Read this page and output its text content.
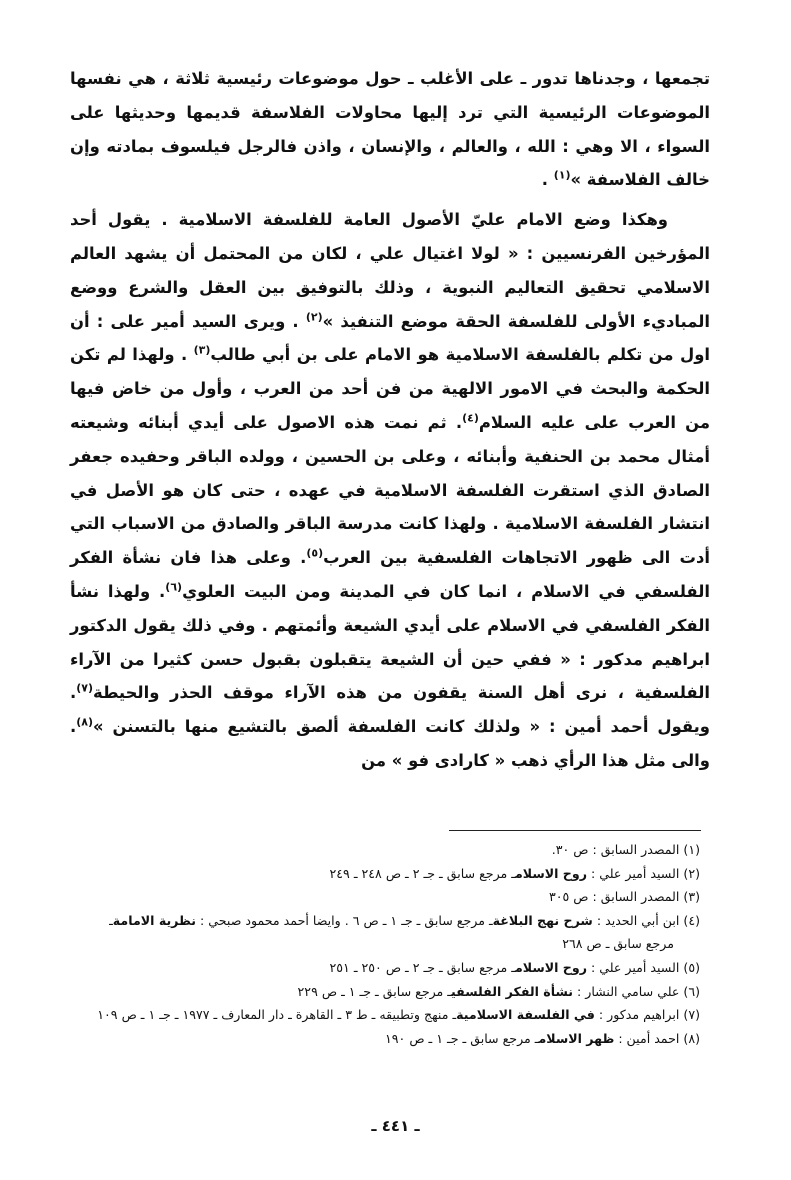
تجمعها ، وجدناها تدور ـ على الأغلب ـ حول موضوعات رئيسية ثلاثة ، هي نفسها الموضوعات الرئيسية التي ترد إليها محاولات الفلاسفة قديمها وحديثها على السواء ، الا وهي : الله ، والعالم ، والإنسان ، واذن فالرجل فيلسوف بمادته وإن خالف الفلاسفة »$^{(١)}$ .

وهكذا وضع الامام عليّ الأصول العامة للفلسفة الاسلامية . يقول أحد المؤرخين الفرنسيين : « لولا اغتيال علي ، لكان من المحتمل أن يشهد العالم الاسلامي تحقيق التعاليم النبوية ، وذلك بالتوفيق بين العقل والشرع ووضع المباديء الأولى للفلسفة الحقة موضع التنفيذ »$^{(٢)}$ . ويرى السيد أمير على : أن اول من تكلم بالفلسفة الاسلامية هو الامام على بن أبي طالب$^{(٣)}$ . ولهذا لم تكن الحكمة والبحث في الامور الالهية من فن أحد من العرب ، وأول من خاض فيها من العرب على عليه السلام$^{(٤)}$. ثم نمت هذه الاصول على أيدي أبنائه وشيعته أمثال محمد بن الحنفية وأبنائه ، وعلى بن الحسين ، وولده الباقر وحفيده جعفر الصادق الذي استقرت الفلسفة الاسلامية في عهده ، حتى كان هو الأصل في انتشار الفلسفة الاسلامية . ولهذا كانت مدرسة الباقر والصادق من الاسباب التي أدت الى ظهور الاتجاهات الفلسفية بين العرب$^{(٥)}$. وعلى هذا فان نشأة الفكر الفلسفي في الاسلام ، انما كان في المدينة ومن البيت العلوي$^{(٦)}$. ولهذا نشأ الفكر الفلسفي في الاسلام على أيدي الشيعة وأئمتهم . وفي ذلك يقول الدكتور ابراهيم مدكور : « ففي حين أن الشيعة يتقبلون بقبول حسن كثيرا من الآراء الفلسفية ، نرى أهل السنة يقفون من هذه الآراء موقف الحذر والحيطة$^{(٧)}$. ويقول أحمد أمين : « ولذلك كانت الفلسفة ألصق بالتشيع منها بالتسنن »$^{(٨)}$. والى مثل هذا الرأي ذهب « كارادى فو » من

(١) المصدر السابق : ص ٣٠.

(٢) السيد أمير علي : روح الاسلامـ مرجع سابق ـ جـ ٢ ـ ص ٢٤٨ ـ ٢٤٩

(٣) المصدر السابق : ص ٣٠٥

(٤) ابن أبي الحديد : شرح نهج البلاغةـ مرجع سابق ـ جـ ١ ـ ص ٦ . وايضا أحمد محمود صبحي : نظرية الامامةـ مرجع سابق ـ ص ٢٦٨

(٥) السيد أمير علي : روح الاسلامـ مرجع سابق ـ جـ ٢ ـ ص ٢٥٠ ـ ٢٥١

(٦) علي سامي النشار : نشأة الفكر الفلسفيـ مرجع سابق ـ جـ ١ ـ ص ٢٢٩

(٧) ابراهيم مدكور : في الفلسفة الاسلاميةـ منهج وتطبيقه ـ ط ٣ ـ القاهرة ـ دار المعارف ـ ١٩٧٧ ـ جـ ١ ـ ص ١٠٩

(٨) احمد أمين : ظهر الاسلامـ مرجع سابق ـ جـ ١ ـ ص ١٩٠

ـ ٤٤١ ـ
